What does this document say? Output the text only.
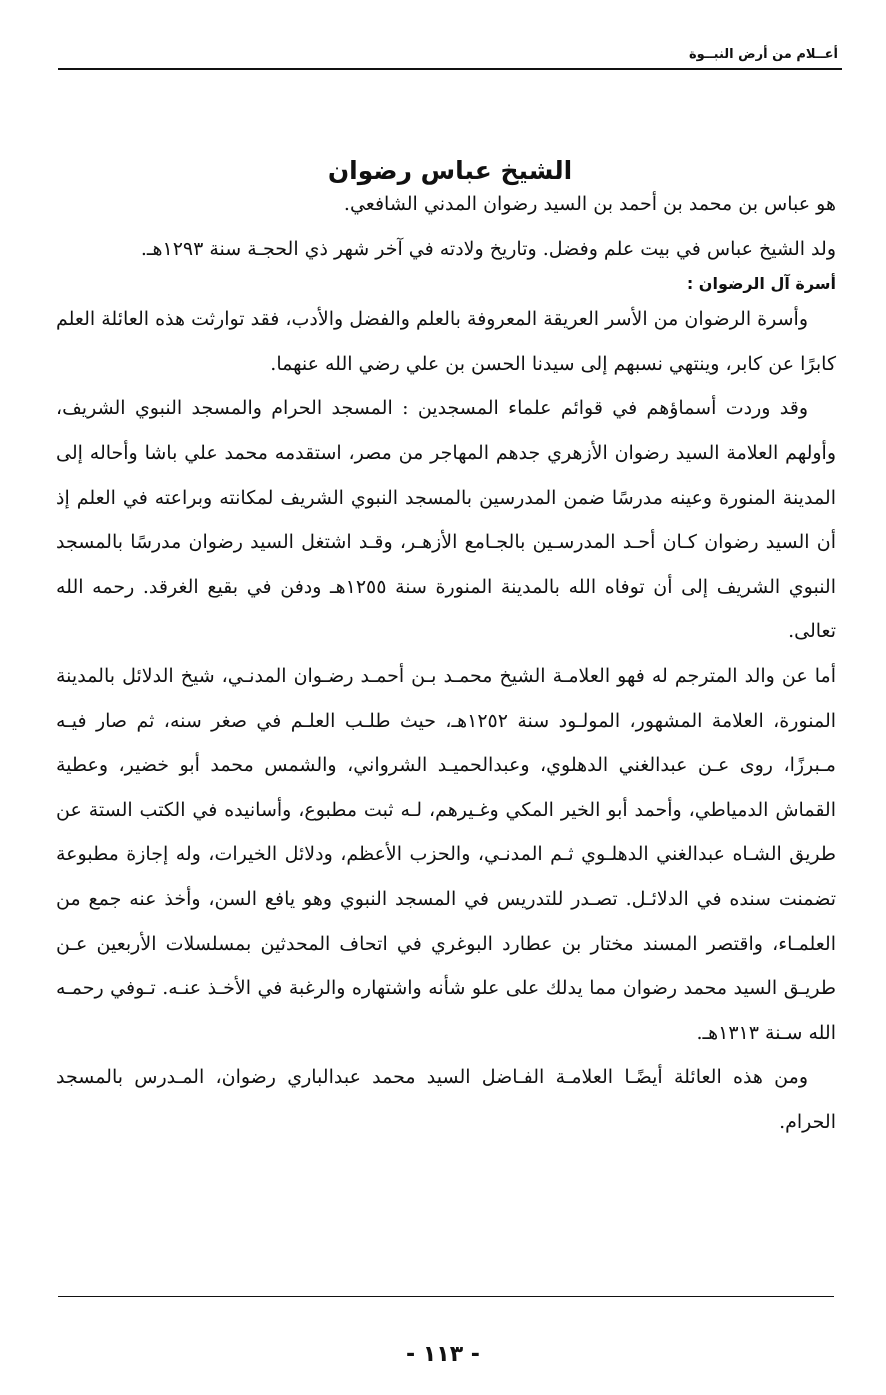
أعــلام من أرض النبــوة
الشيخ عباس رضوان

هو عباس بن محمد بن أحمد بن السيد رضوان المدني الشافعي.

ولد الشيخ عباس في بيت علم وفضل. وتاريخ ولادته في آخر شهر ذي الحجـة سنة ١٢٩٣هـ.

أسرة آل الرضوان :

وأسرة الرضوان من الأسر العريقة المعروفة بالعلم والفضل والأدب، فقد توارثت هذه العائلة العلم كابرًا عن كابر، وينتهي نسبهم إلى سيدنا الحسن بن علي رضي الله عنهما.

وقد وردت أسماؤهم في قوائم علماء المسجدين : المسجد الحرام والمسجد النبوي الشريف، وأولهم العلامة السيد رضوان الأزهري جدهم المهاجر من مصر، استقدمه محمد علي باشا وأحاله إلى المدينة المنورة وعينه مدرسًا ضمن المدرسين بالمسجد النبوي الشريف لمكانته وبراعته في العلم إذ أن السيد رضوان كـان أحـد المدرسـين بالجـامع الأزهـر، وقـد اشتغل السيد رضوان مدرسًا بالمسجد النبوي الشريف إلى أن توفاه الله بالمدينة المنورة سنة ١٢٥٥هـ ودفن في بقيع الغرقد. رحمه الله تعالى.

أما عن والد المترجم له فهو العلامـة الشيخ محمـد بـن أحمـد رضـوان المدنـي، شيخ الدلائل بالمدينة المنورة، العلامة المشهور، المولـود سنة ١٢٥٢هـ، حيث طلـب العلـم في صغر سنه، ثم صار فيـه مـبرزًا، روى عـن عبدالغني الدهلوي، وعبدالحميـد الشرواني، والشمس محمد أبو خضير، وعطية القماش الدمياطي، وأحمد أبو الخير المكي وغـيرهم، لـه ثبت مطبوع، وأسانيده في الكتب الستة عن طريق الشـاه عبدالغني الدهلـوي ثـم المدنـي، والحزب الأعظم، ودلائل الخيرات، وله إجازة مطبوعة تضمنت سنده في الدلائـل. تصـدر للتدريس في المسجد النبوي وهو يافع السن، وأخذ عنه جمع من العلمـاء، واقتصر المسند مختار بن عطارد البوغري في اتحاف المحدثين بمسلسلات الأربعين عـن طريـق السيد محمد رضوان مما يدلك على علو شأنه واشتهاره والرغبة في الأخـذ عنـه. تـوفي رحمـه الله سـنة ١٣١٣هـ.

ومن هذه العائلة أيضًـا العلامـة الفـاضل السيد محمد عبدالباري رضوان، المـدرس بالمسجد الحرام.

- ١١٣ -
